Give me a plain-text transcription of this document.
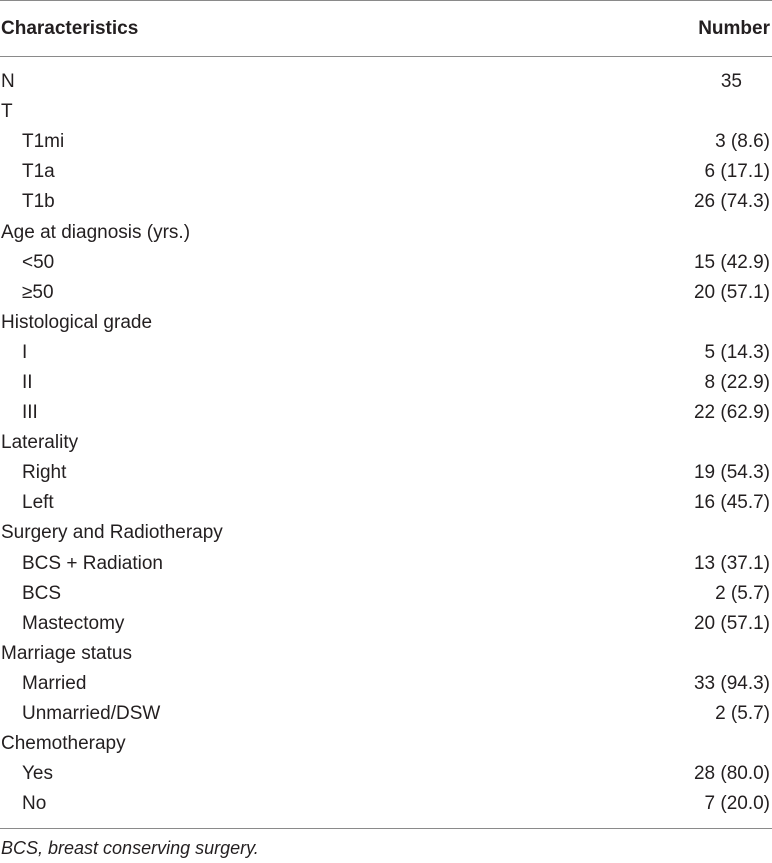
Characteristics	Number
N	35
T
T1mi	3 (8.6)
T1a	6 (17.1)
T1b	26 (74.3)
Age at diagnosis (yrs.)
<50	15 (42.9)
≥50	20 (57.1)
Histological grade
I	5 (14.3)
II	8 (22.9)
III	22 (62.9)
Laterality
Right	19 (54.3)
Left	16 (45.7)
Surgery and Radiotherapy
BCS + Radiation	13 (37.1)
BCS	2 (5.7)
Mastectomy	20 (57.1)
Marriage status
Married	33 (94.3)
Unmarried/DSW	2 (5.7)
Chemotherapy
Yes	28 (80.0)
No	7 (20.0)
BCS, breast conserving surgery.
